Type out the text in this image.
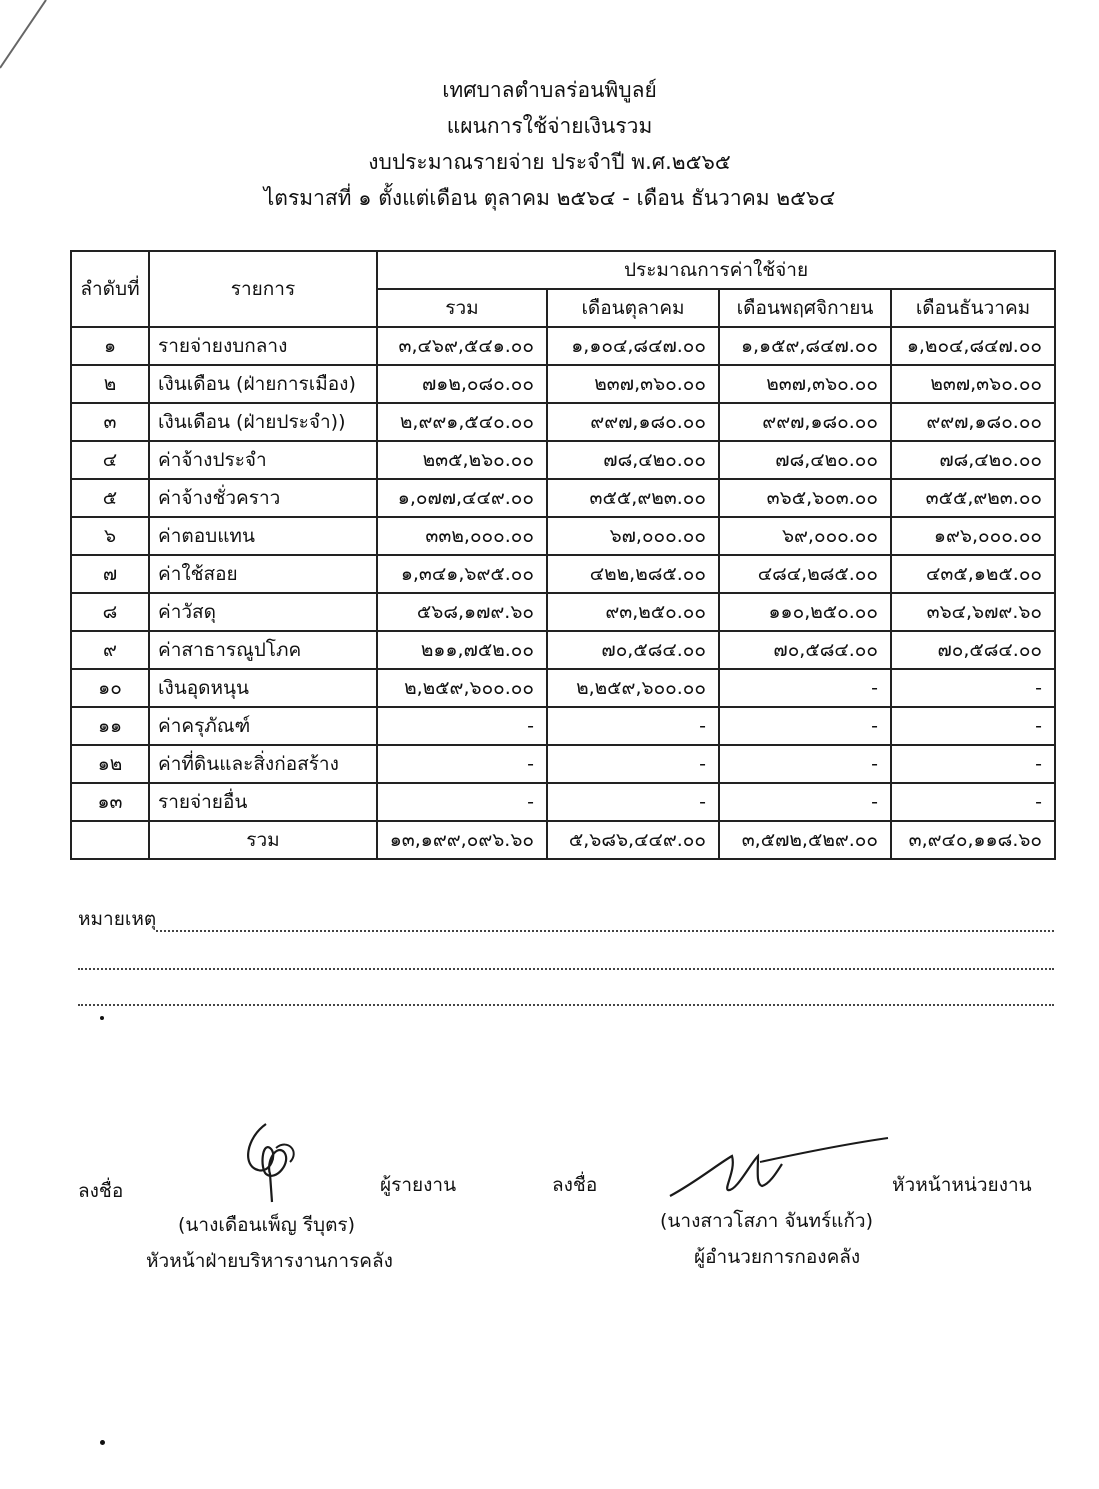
เทศบาลตำบลร่อนพิบูลย์
แผนการใช้จ่ายเงินรวม
งบประมาณรายจ่าย ประจำปี พ.ศ.๒๕๖๕
ไตรมาสที่ ๑ ตั้งแต่เดือน ตุลาคม ๒๕๖๔ - เดือน ธันวาคม ๒๕๖๔
ลำดับที่	รายการ	ประมาณการค่าใช้จ่าย			
		รวม	เดือนตุลาคม	เดือนพฤศจิกายน	เดือนธันวาคม
๑	รายจ่ายงบกลาง	๓,๔๖๙,๕๔๑.๐๐	๑,๑๐๔,๘๔๗.๐๐	๑,๑๕๙,๘๔๗.๐๐	๑,๒๐๔,๘๔๗.๐๐
๒	เงินเดือน (ฝ่ายการเมือง)	๗๑๒,๐๘๐.๐๐	๒๓๗,๓๖๐.๐๐	๒๓๗,๓๖๐.๐๐	๒๓๗,๓๖๐.๐๐
๓	เงินเดือน (ฝ่ายประจำ))	๒,๙๙๑,๕๔๐.๐๐	๙๙๗,๑๘๐.๐๐	๙๙๗,๑๘๐.๐๐	๙๙๗,๑๘๐.๐๐
๔	ค่าจ้างประจำ	๒๓๕,๒๖๐.๐๐	๗๘,๔๒๐.๐๐	๗๘,๔๒๐.๐๐	๗๘,๔๒๐.๐๐
๕	ค่าจ้างชั่วคราว	๑,๐๗๗,๔๔๙.๐๐	๓๕๕,๙๒๓.๐๐	๓๖๕,๖๐๓.๐๐	๓๕๕,๙๒๓.๐๐
๖	ค่าตอบแทน	๓๓๒,๐๐๐.๐๐	๖๗,๐๐๐.๐๐	๖๙,๐๐๐.๐๐	๑๙๖,๐๐๐.๐๐
๗	ค่าใช้สอย	๑,๓๔๑,๖๙๕.๐๐	๔๒๒,๒๘๕.๐๐	๔๘๔,๒๘๕.๐๐	๔๓๕,๑๒๕.๐๐
๘	ค่าวัสดุ	๕๖๘,๑๗๙.๖๐	๙๓,๒๕๐.๐๐	๑๑๐,๒๕๐.๐๐	๓๖๔,๖๗๙.๖๐
๙	ค่าสาธารณูปโภค	๒๑๑,๗๕๒.๐๐	๗๐,๕๘๔.๐๐	๗๐,๕๘๔.๐๐	๗๐,๕๘๔.๐๐
๑๐	เงินอุดหนุน	๒,๒๕๙,๖๐๐.๐๐	๒,๒๕๙,๖๐๐.๐๐	-	-
๑๑	ค่าครุภัณฑ์	-	-	-	-
๑๒	ค่าที่ดินและสิ่งก่อสร้าง	-	-	-	-
๑๓	รายจ่ายอื่น	-	-	-	-
	รวม	๑๓,๑๙๙,๐๙๖.๖๐	๕,๖๘๖,๔๔๙.๐๐	๓,๕๗๒,๕๒๙.๐๐	๓,๙๔๐,๑๑๘.๖๐
หมายเหตุ
ลงชื่อ	ผู้รายงาน
(นางเดือนเพ็ญ รีบุตร)
หัวหน้าฝ่ายบริหารงานการคลัง
ลงชื่อ	หัวหน้าหน่วยงาน
(นางสาวโสภา จันทร์แก้ว)
ผู้อำนวยการกองคลัง
